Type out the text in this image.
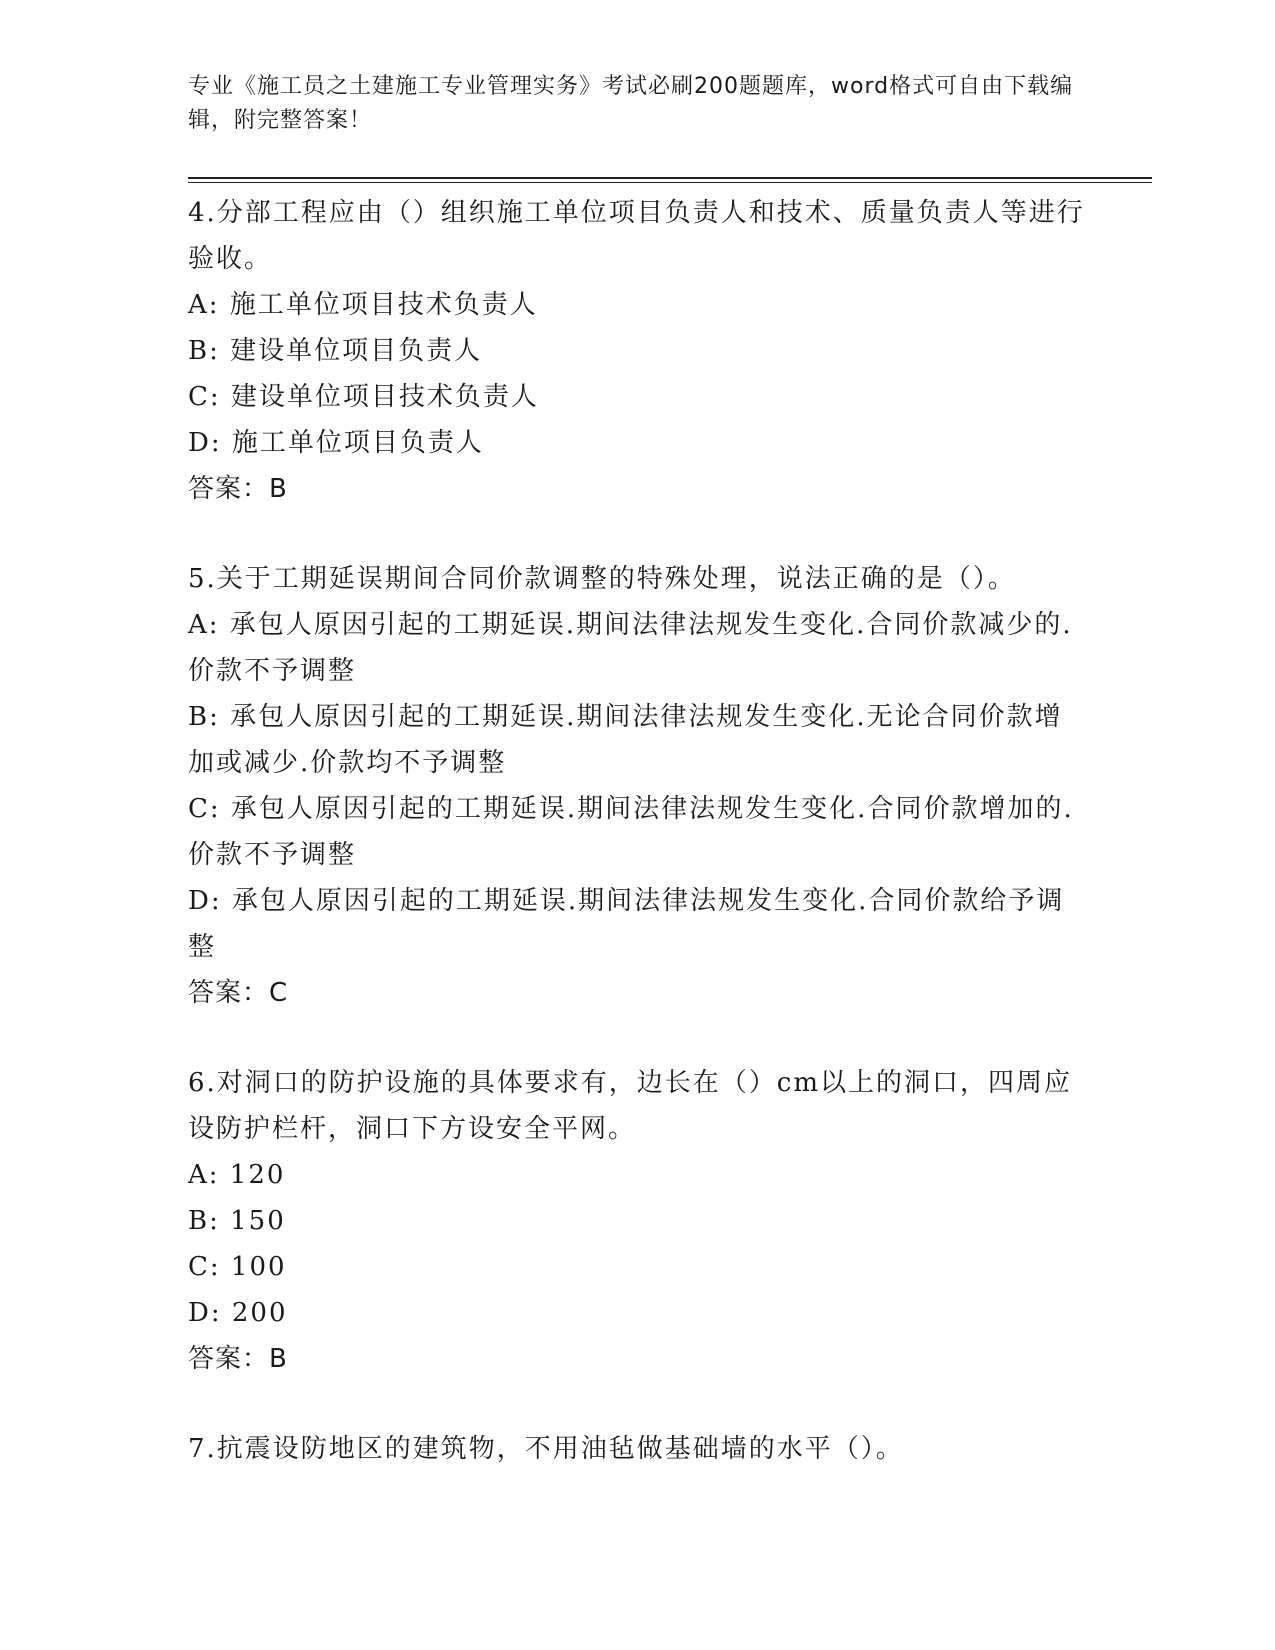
专业《施工员之土建施工专业管理实务》考试必刷200题题库，word格式可自由下载编辑，附完整答案！

4.分部工程应由（）组织施工单位项目负责人和技术、质量负责人等进行验收。

A: 施工单位项目技术负责人

B: 建设单位项目负责人

C: 建设单位项目技术负责人

D: 施工单位项目负责人

答案：B

5.关于工期延误期间合同价款调整的特殊处理，说法正确的是（）。

A: 承包人原因引起的工期延误.期间法律法规发生变化.合同价款减少的.价款不予调整

B: 承包人原因引起的工期延误.期间法律法规发生变化.无论合同价款增加或减少.价款均不予调整

C: 承包人原因引起的工期延误.期间法律法规发生变化.合同价款增加的.价款不予调整

D: 承包人原因引起的工期延误.期间法律法规发生变化.合同价款给予调整

答案：C

6.对洞口的防护设施的具体要求有，边长在（）cm以上的洞口，四周应设防护栏杆，洞口下方设安全平网。

A: 120

B: 150

C: 100

D: 200

答案：B

7.抗震设防地区的建筑物，不用油毡做基础墙的水平（）。
